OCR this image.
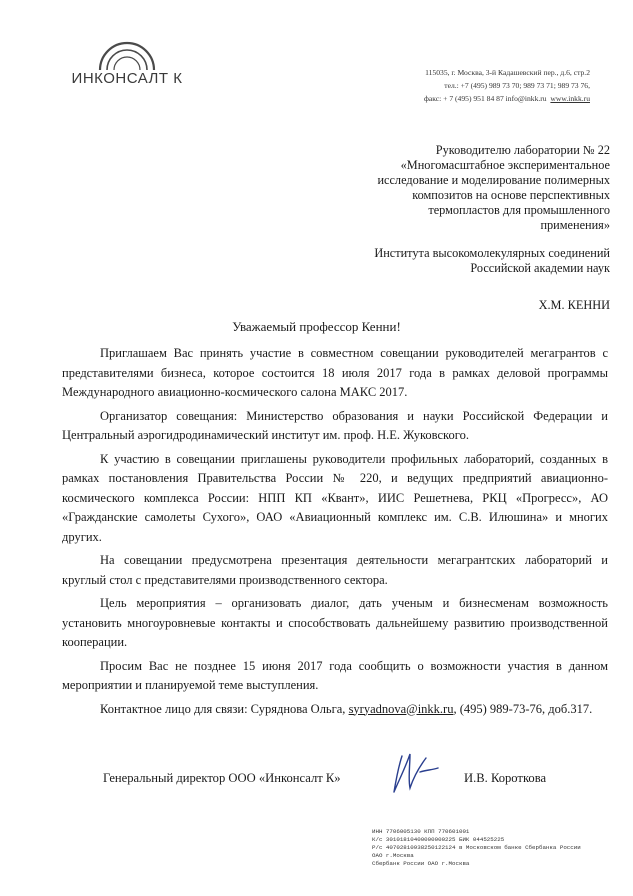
ИНКОНСАЛТ К	115035, г. Москва, 3-й Кадашевский пер., д.6, стр.2
тел.: +7 (495) 989 73 70; 989 73 71; 989 73 76,
факс: + 7 (495) 951 84 87 info@inkk.ru www.inkk.ru

Руководителю лаборатории № 22

«Многомасштабное экспериментальное

исследование и моделирование полимерных

композитов на основе перспективных

термопластов для промышленного

применения»

Института высокомолекулярных соединений

Российской академии наук

Х.М. КЕННИ

Уважаемый профессор Кенни!

Приглашаем Вас принять участие в совместном совещании руководителей мегагрантов с представителями бизнеса, которое состоится 18 июля 2017 года в рамках деловой программы Международного авиационно-космического салона МАКС 2017.

Организатор совещания: Министерство образования и науки Российской Федерации и Центральный аэрогидродинамический институт им. проф. Н.Е. Жуковского.

К участию в совещании приглашены руководители профильных лабораторий, созданных в рамках постановления Правительства России № 220, и ведущих предприятий авиационно-космического комплекса России: НПП КП «Квант», ИИС Решетнева, РКЦ «Прогресс», АО «Гражданские самолеты Сухого», ОАО «Авиационный комплекс им. С.В. Илюшина» и многих других.

На совещании предусмотрена презентация деятельности мегагрантских лабораторий и круглый стол с представителями производственного сектора.

Цель мероприятия – организовать диалог, дать ученым и бизнесменам возможность установить многоуровневые контакты и способствовать дальнейшему развитию производственной кооперации.

Просим Вас не позднее 15 июня 2017 года сообщить о возможности участия в данном мероприятии и планируемой теме выступления.

Контактное лицо для связи: Суряднова Ольга, syryadnova@inkk.ru, (495) 989-73-76, доб.317.

Генеральный директор ООО «Инконсалт К»	И.В. Короткова
ИНН 7706005130 КПП 770601001
К/с 30101810400000000225 БИК 044525225
Р/с 40702810938250122124 в Московском банке Сбербанка России
ОАО г.Москва
Сбербанк России ОАО г.Москва
